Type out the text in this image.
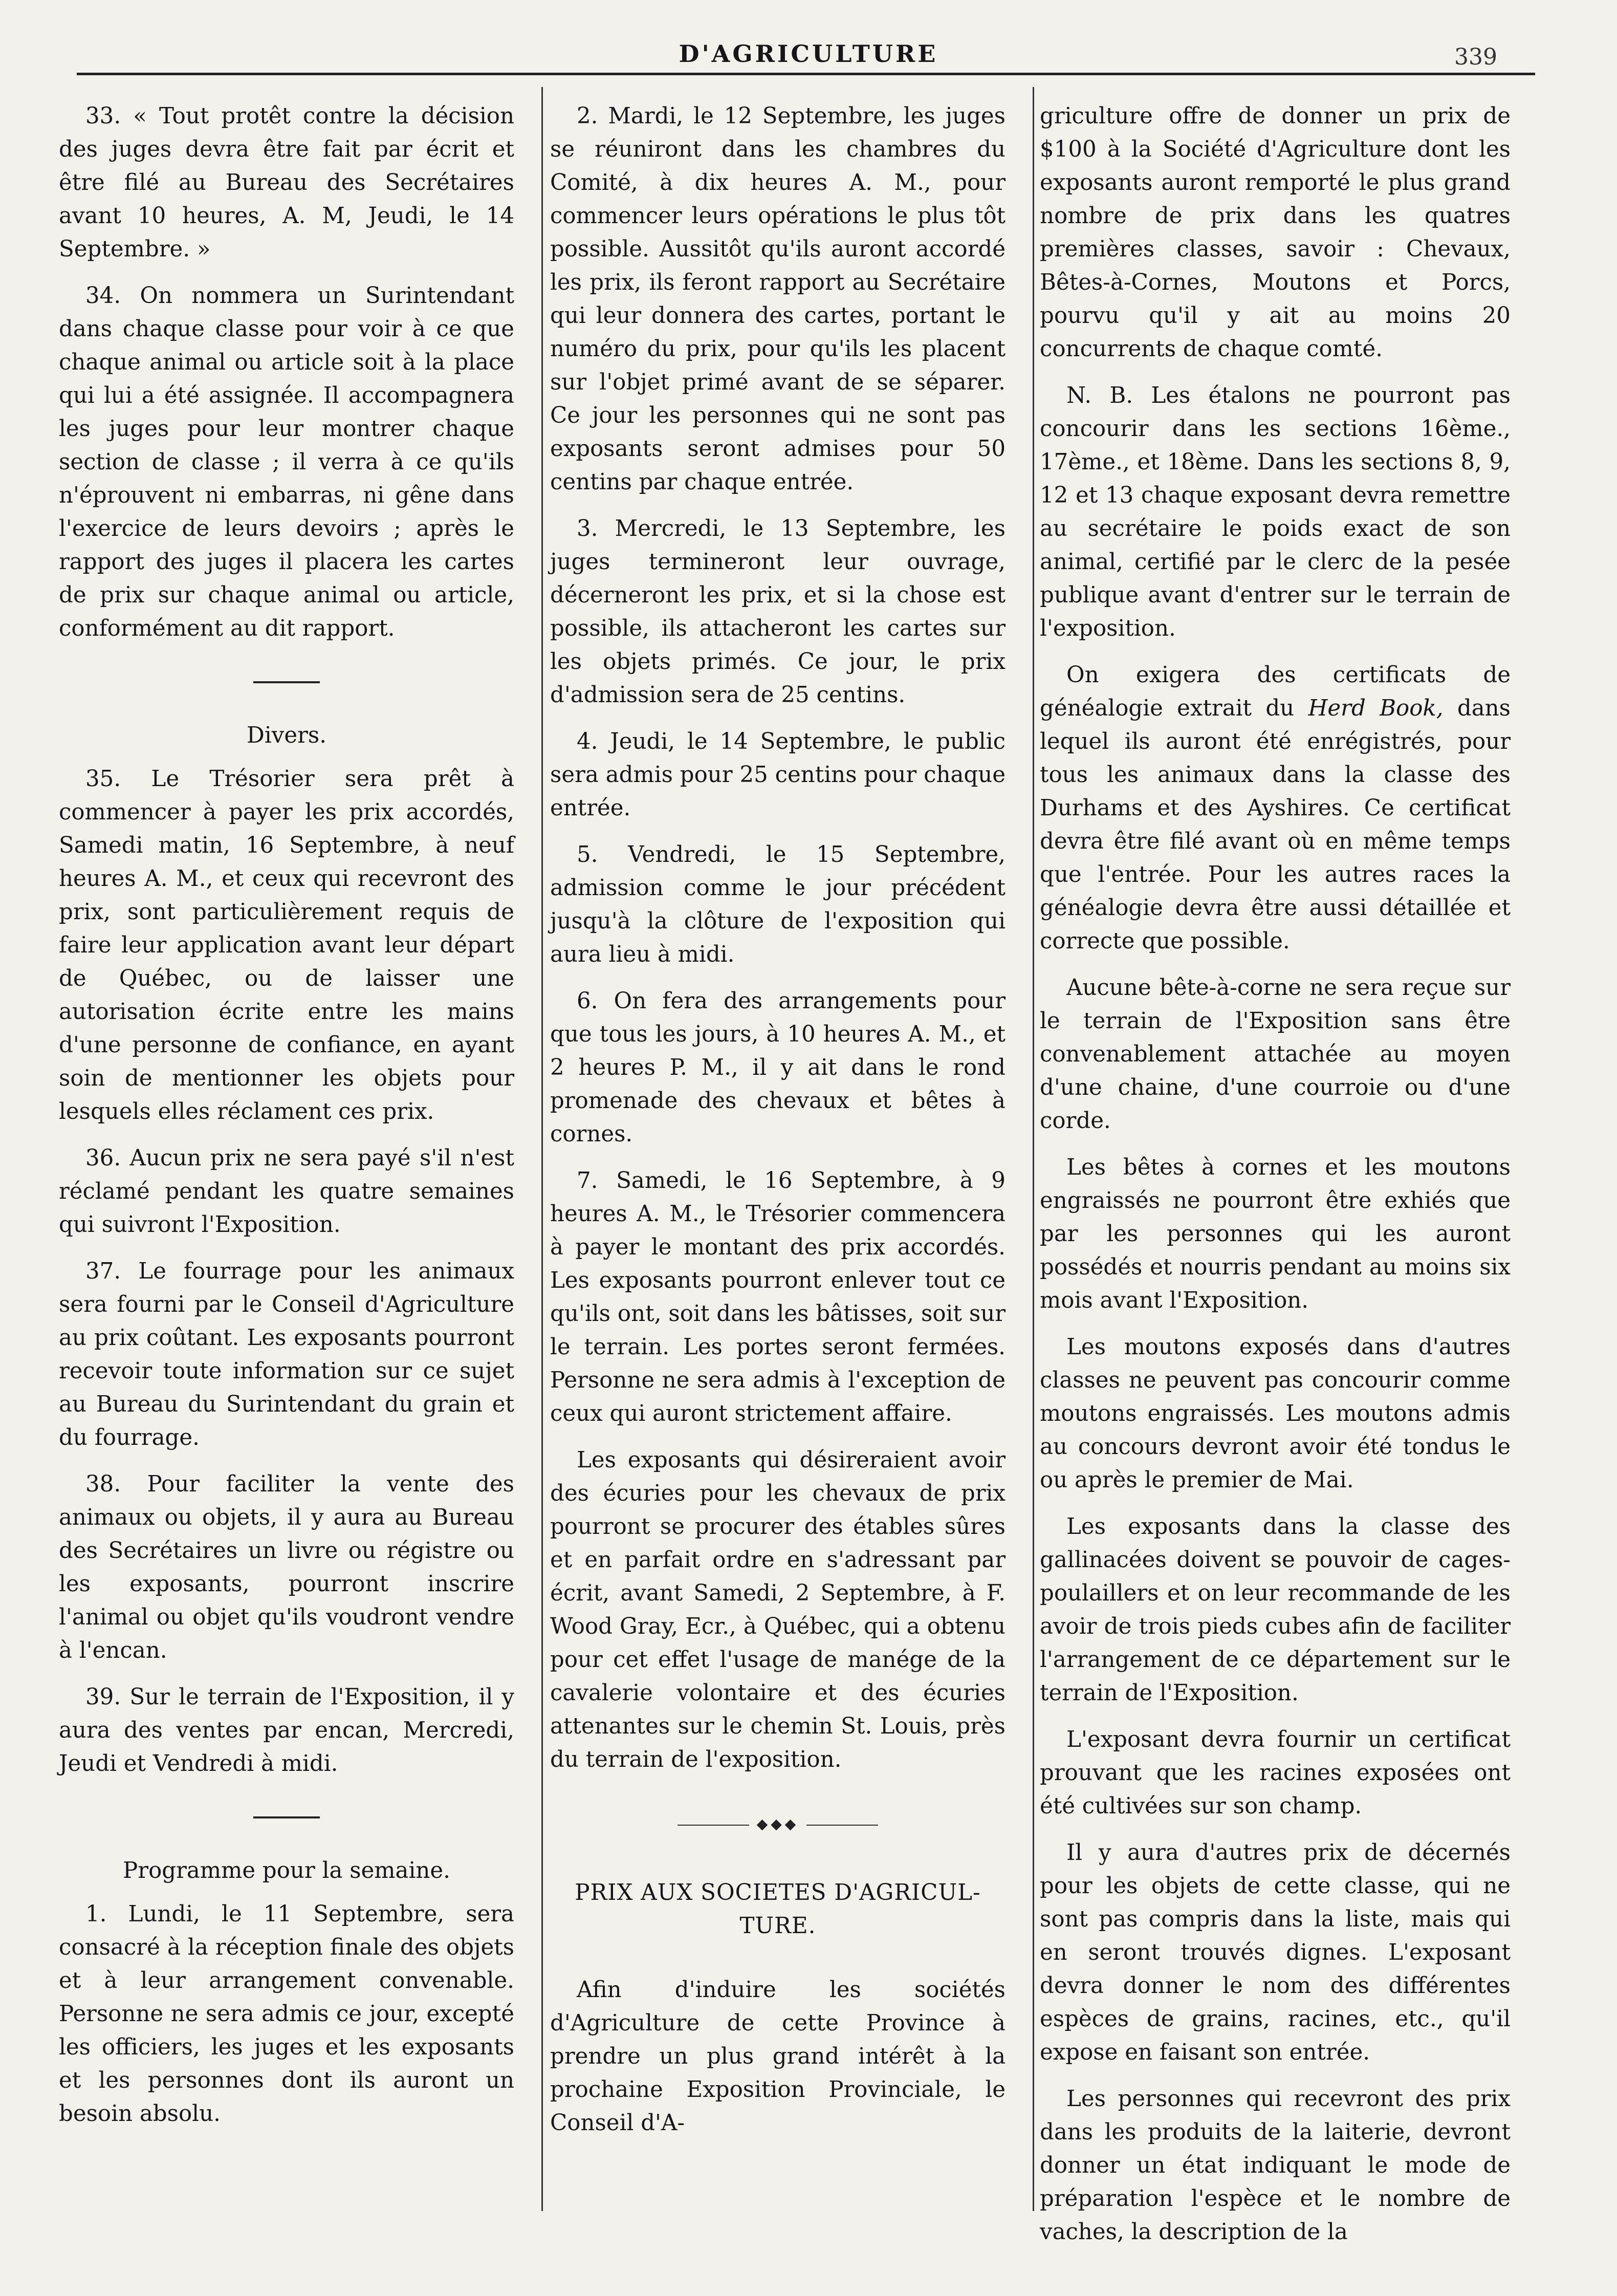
D'AGRICULTURE	339

33. « Tout protêt contre la décision des juges devra être fait par écrit et être filé au Bureau des Secrétaires avant 10 heures, A. M, Jeudi, le 14 Septembre. »

34. On nommera un Surintendant dans chaque classe pour voir à ce que chaque animal ou article soit à la place qui lui a été assignée. Il accompagnera les juges pour leur montrer chaque section de classe ; il verra à ce qu'ils n'éprouvent ni embarras, ni gêne dans l'exercice de leurs devoirs ; après le rapport des juges il placera les cartes de prix sur chaque animal ou article, conformément au dit rapport.

Divers.

35. Le Trésorier sera prêt à commencer à payer les prix accordés, Samedi matin, 16 Septembre, à neuf heures A. M., et ceux qui recevront des prix, sont particulièrement requis de faire leur application avant leur départ de Québec, ou de laisser une autorisation écrite entre les mains d'une personne de confiance, en ayant soin de mentionner les objets pour lesquels elles réclament ces prix.

36. Aucun prix ne sera payé s'il n'est réclamé pendant les quatre semaines qui suivront l'Exposition.

37. Le fourrage pour les animaux sera fourni par le Conseil d'Agriculture au prix coûtant. Les exposants pourront recevoir toute information sur ce sujet au Bureau du Surintendant du grain et du fourrage.

38. Pour faciliter la vente des animaux ou objets, il y aura au Bureau des Secrétaires un livre ou régistre ou les exposants, pourront inscrire l'animal ou objet qu'ils voudront vendre à l'encan.

39. Sur le terrain de l'Exposition, il y aura des ventes par encan, Mercredi, Jeudi et Vendredi à midi.

Programme pour la semaine.

1. Lundi, le 11 Septembre, sera consacré à la réception finale des objets et à leur arrangement convenable. Personne ne sera admis ce jour, excepté les officiers, les juges et les exposants et les personnes dont ils auront un besoin absolu.

2. Mardi, le 12 Septembre, les juges se réuniront dans les chambres du Comité, à dix heures A. M., pour commencer leurs opérations le plus tôt possible. Aussitôt qu'ils auront accordé les prix, ils feront rapport au Secrétaire qui leur donnera des cartes, portant le numéro du prix, pour qu'ils les placent sur l'objet primé avant de se séparer. Ce jour les personnes qui ne sont pas exposants seront admises pour 50 centins par chaque entrée.

3. Mercredi, le 13 Septembre, les juges termineront leur ouvrage, décerneront les prix, et si la chose est possible, ils attacheront les cartes sur les objets primés. Ce jour, le prix d'admission sera de 25 centins.

4. Jeudi, le 14 Septembre, le public sera admis pour 25 centins pour chaque entrée.

5. Vendredi, le 15 Septembre, admission comme le jour précédent jusqu'à la clôture de l'exposition qui aura lieu à midi.

6. On fera des arrangements pour que tous les jours, à 10 heures A. M., et 2 heures P. M., il y ait dans le rond promenade des chevaux et bêtes à cornes.

7. Samedi, le 16 Septembre, à 9 heures A. M., le Trésorier commencera à payer le montant des prix accordés. Les exposants pourront enlever tout ce qu'ils ont, soit dans les bâtisses, soit sur le terrain. Les portes seront fermées. Personne ne sera admis à l'exception de ceux qui auront strictement affaire.

Les exposants qui désireraient avoir des écuries pour les chevaux de prix pourront se procurer des étables sûres et en parfait ordre en s'adressant par écrit, avant Samedi, 2 Septembre, à F. Wood Gray, Ecr., à Québec, qui a obtenu pour cet effet l'usage de manége de la cavalerie volontaire et des écuries attenantes sur le chemin St. Louis, près du terrain de l'exposition.

◆◆◆

PRIX AUX SOCIETES D'AGRICUL-

TURE.

Afin d'induire les sociétés d'Agriculture de cette Province à prendre un plus grand intérêt à la prochaine Exposition Provinciale, le Conseil d'A-

griculture offre de donner un prix de $100 à la Société d'Agriculture dont les exposants auront remporté le plus grand nombre de prix dans les quatres premières classes, savoir : Chevaux, Bêtes-à-Cornes, Moutons et Porcs, pourvu qu'il y ait au moins 20 concurrents de chaque comté.

N. B. Les étalons ne pourront pas concourir dans les sections 16ème., 17ème., et 18ème. Dans les sections 8, 9, 12 et 13 chaque exposant devra remettre au secrétaire le poids exact de son animal, certifié par le clerc de la pesée publique avant d'entrer sur le terrain de l'exposition.

On exigera des certificats de généalogie extrait du Herd Book, dans lequel ils auront été enrégistrés, pour tous les animaux dans la classe des Durhams et des Ayshires. Ce certificat devra être filé avant où en même temps que l'entrée. Pour les autres races la généalogie devra être aussi détaillée et correcte que possible.

Aucune bête-à-corne ne sera reçue sur le terrain de l'Exposition sans être convenablement attachée au moyen d'une chaine, d'une courroie ou d'une corde.

Les bêtes à cornes et les moutons engraissés ne pourront être exhiés que par les personnes qui les auront possédés et nourris pendant au moins six mois avant l'Exposition.

Les moutons exposés dans d'autres classes ne peuvent pas concourir comme moutons engraissés. Les moutons admis au concours devront avoir été tondus le ou après le premier de Mai.

Les exposants dans la classe des gallinacées doivent se pouvoir de cages-poulaillers et on leur recommande de les avoir de trois pieds cubes afin de faciliter l'arrangement de ce département sur le terrain de l'Exposition.

L'exposant devra fournir un certificat prouvant que les racines exposées ont été cultivées sur son champ.

Il y aura d'autres prix de décernés pour les objets de cette classe, qui ne sont pas compris dans la liste, mais qui en seront trouvés dignes. L'exposant devra donner le nom des différentes espèces de grains, racines, etc., qu'il expose en faisant son entrée.

Les personnes qui recevront des prix dans les produits de la laiterie, devront donner un état indiquant le mode de préparation l'espèce et le nombre de vaches, la description de la
